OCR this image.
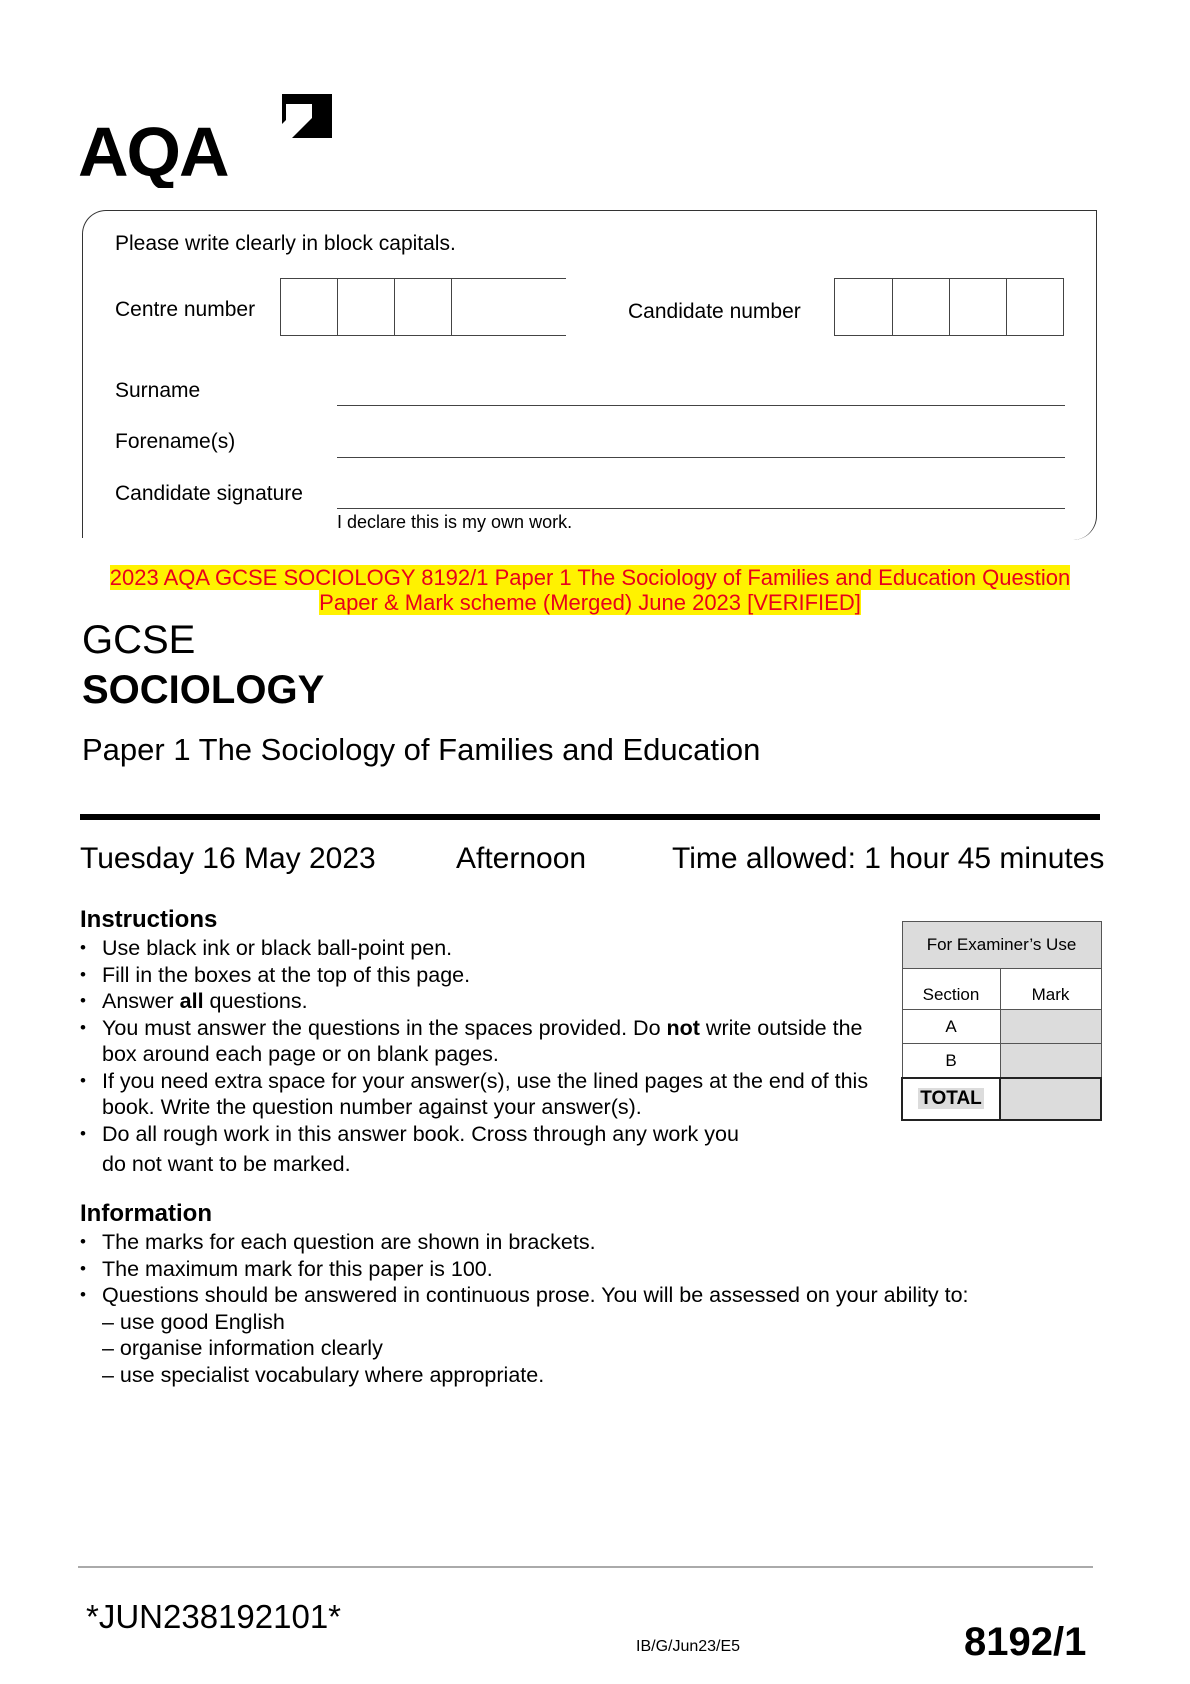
AQA
Please write clearly in block capitals.
Centre number	Candidate number
Surname
Forename(s)
Candidate signature
I declare this is my own work.
2023 AQA GCSE SOCIOLOGY 8192/1 Paper 1 The Sociology of Families and Education Question
Paper & Mark scheme (Merged) June 2023 [VERIFIED]
GCSE
SOCIOLOGY
Paper 1 The Sociology of Families and Education
Tuesday 16 May 2023	Afternoon	Time allowed: 1 hour 45 minutes
Instructions
• Use black ink or black ball-point pen.
• Fill in the boxes at the top of this page.
• Answer all questions.
• You must answer the questions in the spaces provided. Do not write outside the box around each page or on blank pages.
• If you need extra space for your answer(s), use the lined pages at the end of this book. Write the question number against your answer(s).
• Do all rough work in this answer book. Cross through any work you
do not want to be marked.
For Examiner’s Use	
Section	Mark
A	
B	
TOTAL	
Information
• The marks for each question are shown in brackets.
• The maximum mark for this paper is 100.
• Questions should be answered in continuous prose. You will be assessed on your ability to:
– use good English
– organise information clearly
– use specialist vocabulary where appropriate.
*JUN238192101*
IB/G/Jun23/E5	8192/1
